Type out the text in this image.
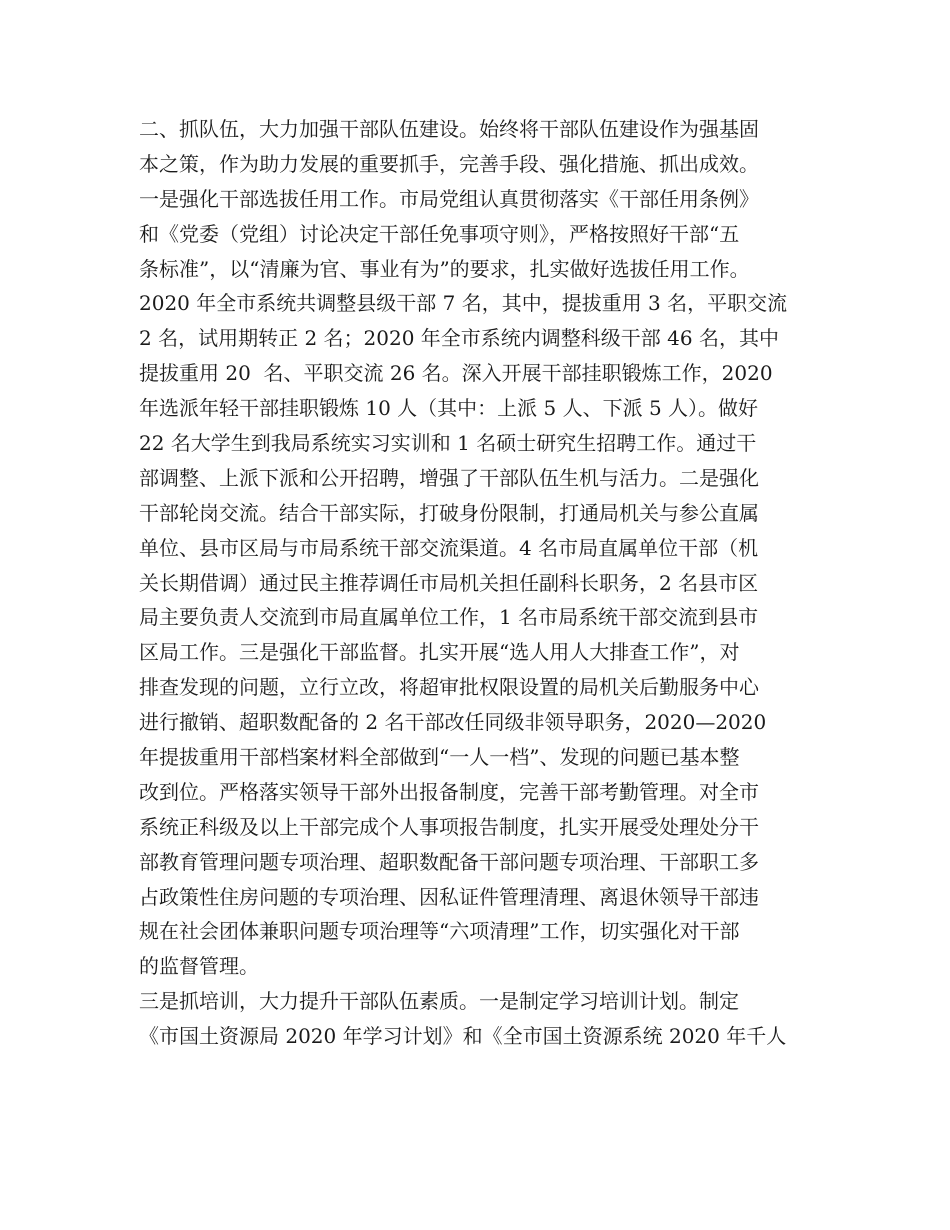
二、抓队伍，大力加强干部队伍建设。始终将干部队伍建设作为强基固
本之策，作为助力发展的重要抓手，完善手段、强化措施、抓出成效。
一是强化干部选拔任用工作。市局党组认真贯彻落实《干部任用条例》
和《党委（党组）讨论决定干部任免事项守则》，严格按照好干部“五
条标准”，以“清廉为官、事业有为”的要求，扎实做好选拔任用工作。
2020 年全市系统共调整县级干部 7 名，其中，提拔重用 3 名，平职交流
2 名，试用期转正 2 名；2020 年全市系统内调整科级干部 46 名，其中
提拔重用 20  名、平职交流 26 名。深入开展干部挂职锻炼工作，2020
年选派年轻干部挂职锻炼 10 人（其中：上派 5 人、下派 5 人）。做好
22 名大学生到我局系统实习实训和 1 名硕士研究生招聘工作。通过干
部调整、上派下派和公开招聘，增强了干部队伍生机与活力。二是强化
干部轮岗交流。结合干部实际，打破身份限制，打通局机关与参公直属
单位、县市区局与市局系统干部交流渠道。4 名市局直属单位干部（机
关长期借调）通过民主推荐调任市局机关担任副科长职务，2 名县市区
局主要负责人交流到市局直属单位工作，1 名市局系统干部交流到县市
区局工作。三是强化干部监督。扎实开展“选人用人大排查工作”，对
排查发现的问题，立行立改，将超审批权限设置的局机关后勤服务中心
进行撤销、超职数配备的 2 名干部改任同级非领导职务，2020—2020
年提拔重用干部档案材料全部做到“一人一档”、发现的问题已基本整
改到位。严格落实领导干部外出报备制度，完善干部考勤管理。对全市
系统正科级及以上干部完成个人事项报告制度，扎实开展受处理处分干
部教育管理问题专项治理、超职数配备干部问题专项治理、干部职工多
占政策性住房问题的专项治理、因私证件管理清理、离退休领导干部违
规在社会团体兼职问题专项治理等“六项清理”工作，切实强化对干部
的监督管理。
三是抓培训，大力提升干部队伍素质。一是制定学习培训计划。制定
《市国土资源局 2020 年学习计划》和《全市国土资源系统 2020 年千人
